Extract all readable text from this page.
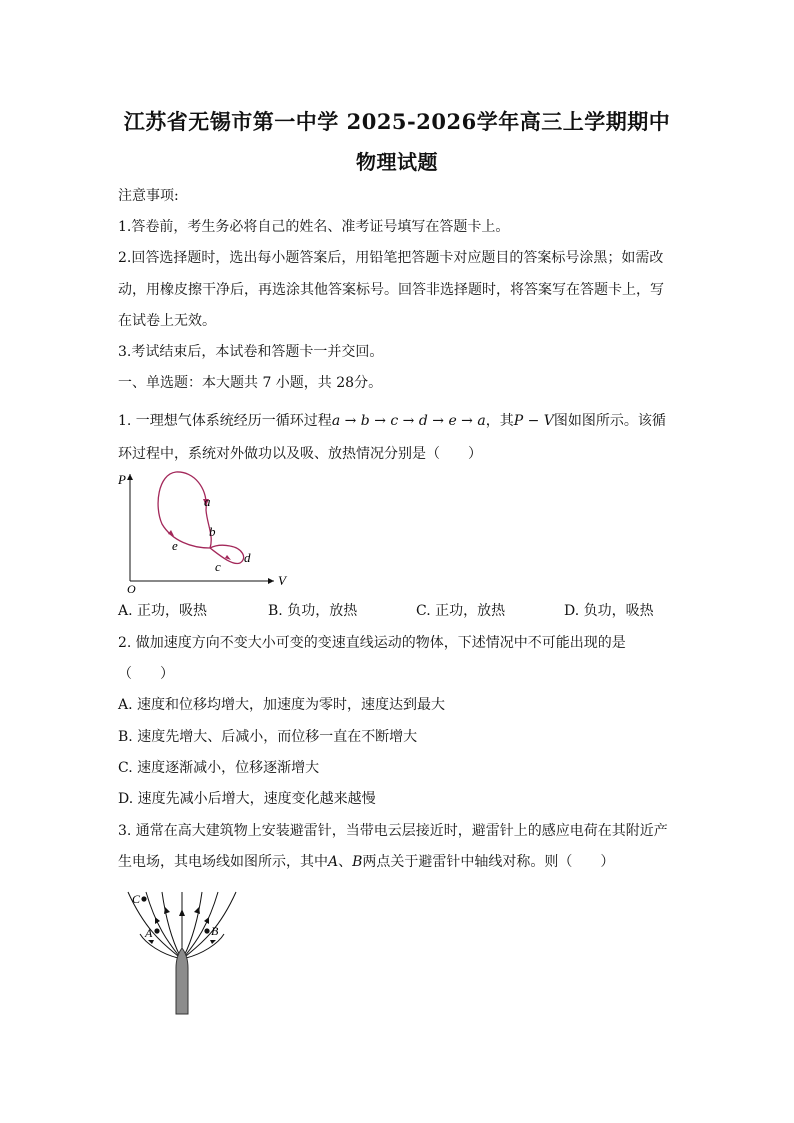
江苏省无锡市第一中学 2025-2026学年高三上学期期中
物理试题
注意事项:
1.答卷前，考生务必将自己的姓名、准考证号填写在答题卡上。
2.回答选择题时，选出每小题答案后，用铅笔把答题卡对应题目的答案标号涂黑；如需改
动，用橡皮擦干净后，再选涂其他答案标号。回答非选择题时，将答案写在答题卡上，写
在试卷上无效。
3.考试结束后，本试卷和答题卡一并交回。
一、单选题：本大题共 7 小题，共 28分。
1. 一理想气体系统经历一循环过程a → b → c → d → e → a，其P − V图如图所示。该循
环过程中，系统对外做功以及吸、放热情况分别是（　　）
P
V
O
a
b
c
d
e
A. 正功，吸热	B. 负功，放热	C. 正功，放热	D. 负功，吸热
2. 做加速度方向不变大小可变的变速直线运动的物体，下述情况中不可能出现的是
（　　）
A. 速度和位移均增大，加速度为零时，速度达到最大
B. 速度先增大、后减小，而位移一直在不断增大
C. 速度逐渐减小，位移逐渐增大
D. 速度先减小后增大，速度变化越来越慢
3. 通常在高大建筑物上安装避雷针，当带电云层接近时，避雷针上的感应电荷在其附近产
生电场，其电场线如图所示，其中A、B两点关于避雷针中轴线对称。则（　　）
C
A	B
